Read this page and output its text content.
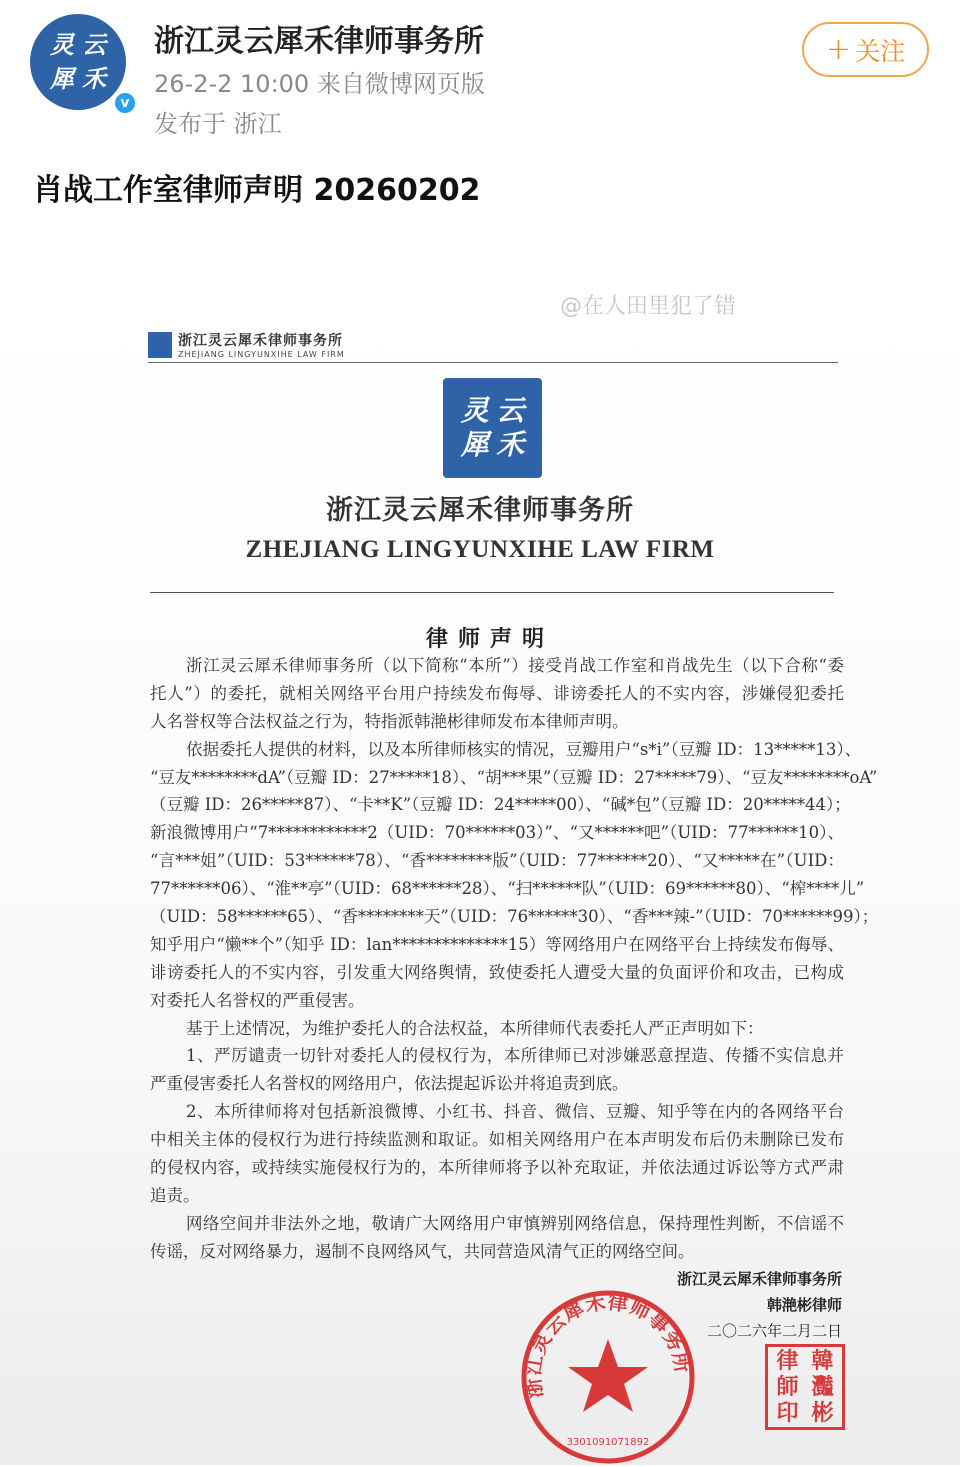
灵 云
犀 禾
v
浙江灵云犀禾律师事务所
26-2-2 10:00 来自微博网页版
发布于 浙江
+ 关注
肖战工作室律师声明 20260202
@在人田里犯了错
浙江灵云犀禾律师事务所
ZHEJIANG LINGYUNXIHE LAW FIRM
灵 云
犀 禾
浙江灵云犀禾律师事务所
ZHEJIANG LINGYUNXIHE LAW FIRM
律师声明
浙江灵云犀禾律师事务所（以下简称“本所”）接受肖战工作室和肖战先生（以下合称“委
托人”）的委托，就相关网络平台用户持续发布侮辱、诽谤委托人的不实内容，涉嫌侵犯委托
人名誉权等合法权益之行为，特指派韩滟彬律师发布本律师声明。
依据委托人提供的材料，以及本所律师核实的情况，豆瓣用户“s*i”（豆瓣 ID：13*****13）、
“豆友********dA”（豆瓣 ID：27*****18）、“胡***果”（豆瓣 ID：27*****79）、“豆友********oA”
（豆瓣 ID：26*****87）、“卡**K”（豆瓣 ID：24*****00）、“碱*包”（豆瓣 ID：20*****44）；
新浪微博用户“7************2（UID：70******03）”、“又******吧”（UID：77******10）、
“言***姐”（UID：53******78）、“香********版”（UID：77******20）、“又*****在”（UID：
77******06）、“淮**亭”（UID：68******28）、“扫******队”（UID：69******80）、“榨****儿”
（UID：58******65）、“香********天”（UID：76******30）、“香***辣-”（UID：70******99）；
知乎用户“懒**个”（知乎 ID：lan**************15）等网络用户在网络平台上持续发布侮辱、
诽谤委托人的不实内容，引发重大网络舆情，致使委托人遭受大量的负面评价和攻击，已构成
对委托人名誉权的严重侵害。
基于上述情况，为维护委托人的合法权益，本所律师代表委托人严正声明如下：
1、严厉谴责一切针对委托人的侵权行为，本所律师已对涉嫌恶意捏造、传播不实信息并
严重侵害委托人名誉权的网络用户，依法提起诉讼并将追责到底。
2、本所律师将对包括新浪微博、小红书、抖音、微信、豆瓣、知乎等在内的各网络平台
中相关主体的侵权行为进行持续监测和取证。如相关网络用户在本声明发布后仍未删除已发布
的侵权内容，或持续实施侵权行为的，本所律师将予以补充取证，并依法通过诉讼等方式严肃
追责。
网络空间并非法外之地，敬请广大网络用户审慎辨别网络信息，保持理性判断，不信谣不
传谣，反对网络暴力，遏制不良网络风气，共同营造风清气正的网络空间。
浙江灵云犀禾律师事务所
韩滟彬律师
二〇二六年二月二日
浙江灵云犀禾律师事务所
3301091071892
韓
灩
彬
律
師
印
